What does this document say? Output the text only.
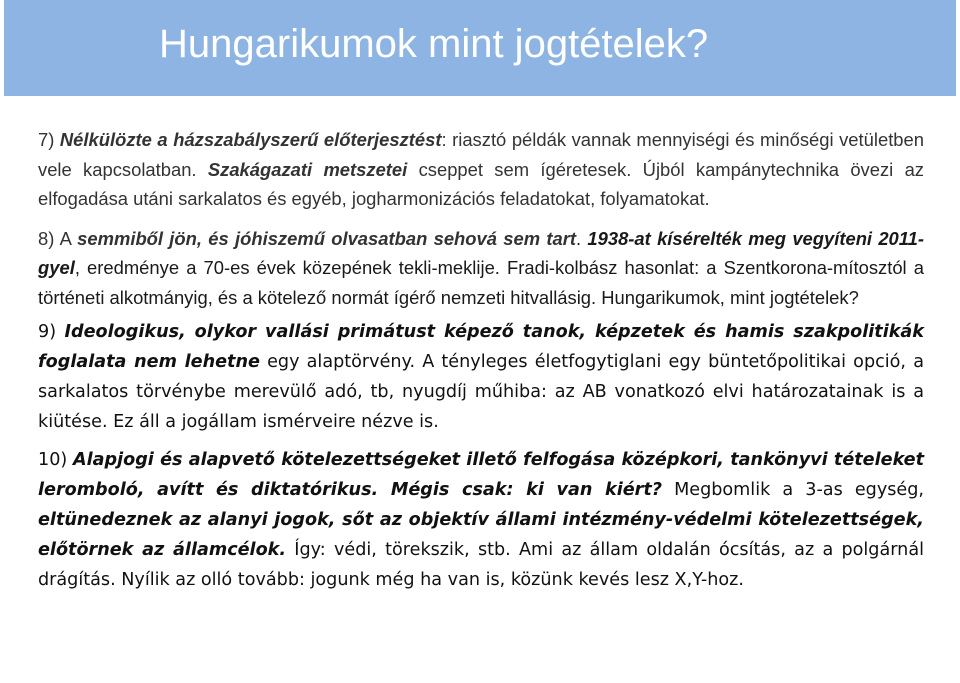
Hungarikumok mint jogtételek?

7) Nélkülözte a házszabályszerű előterjesztést: riasztó példák vannak mennyiségi és minőségi vetületben vele kapcsolatban. Szakágazati metszetei cseppet sem ígéretesek. Újból kampánytechnika övezi az elfogadása utáni sarkalatos és egyéb, jogharmonizációs feladatokat, folyamatokat.

8) A semmiből jön, és jóhiszemű olvasatban sehová sem tart. 1938-at kísérelték meg vegyíteni 2011-gyel, eredménye a 70-es évek közepének tekli-meklije. Fradi-kolbász hasonlat: a Szentkorona-mítosztól a történeti alkotmányig, és a kötelező normát ígérő nemzeti hitvallásig. Hungarikumok, mint jogtételek?

9) Ideologikus, olykor vallási primátust képező tanok, képzetek és hamis szakpolitikák foglalata nem lehetne egy alaptörvény. A tényleges életfogytiglani egy büntetőpolitikai opció, a sarkalatos törvénybe merevülő adó, tb, nyugdíj műhiba: az AB vonatkozó elvi határozatainak is a kiütése. Ez áll a jogállam ismérveire nézve is.

10) Alapjogi és alapvető kötelezettségeket illető felfogása középkori, tankönyvi tételeket leromboló, avítt és diktatórikus. Mégis csak: ki van kiért? Megbomlik a 3-as egység, eltünedeznek az alanyi jogok, sőt az objektív állami intézmény-védelmi kötelezettségek, előtörnek az államcélok. Így: védi, törekszik, stb. Ami az állam oldalán ócsítás, az a polgárnál drágítás. Nyílik az olló tovább: jogunk még ha van is, közünk kevés lesz X,Y-hoz.
